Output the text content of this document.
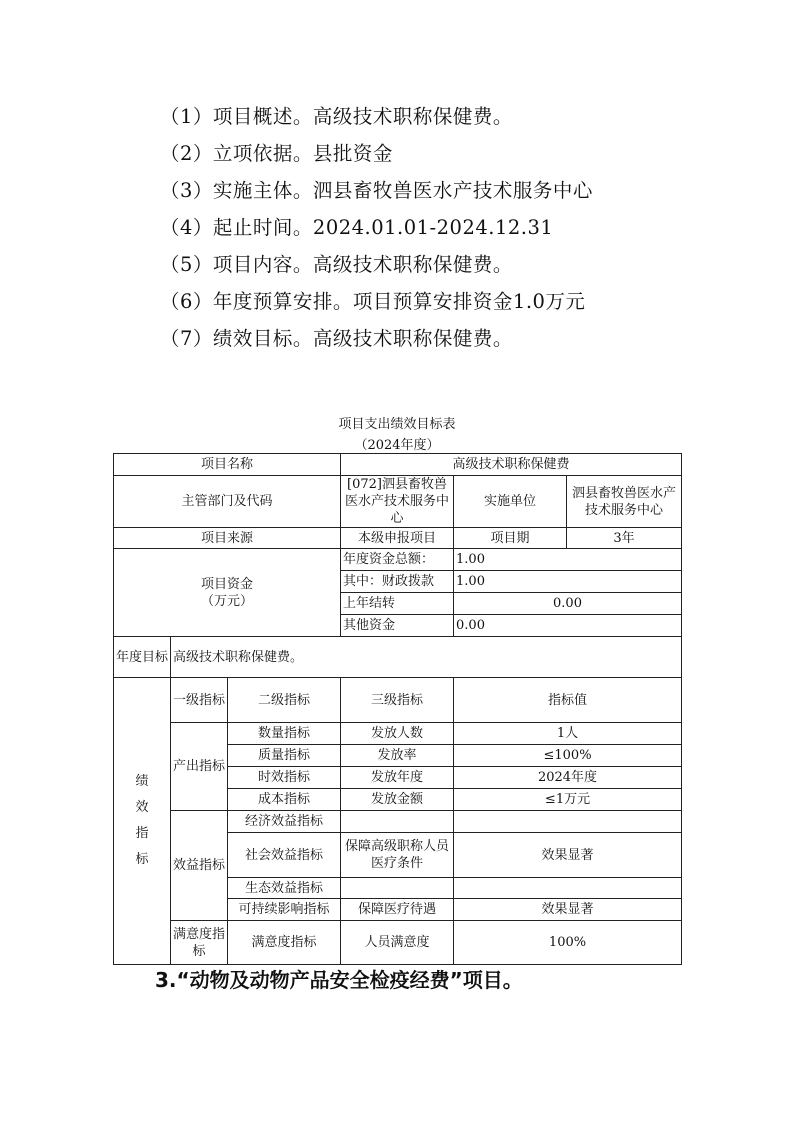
（1）项目概述。高级技术职称保健费。
（2）立项依据。县批资金
（3）实施主体。泗县畜牧兽医水产技术服务中心
（4）起止时间。2024.01.01-2024.12.31
（5）项目内容。高级技术职称保健费。
（6）年度预算安排。项目预算安排资金1.0万元
（7）绩效目标。高级技术职称保健费。
项目支出绩效目标表
（2024年度）
项目名称			高级技术职称保健费		
主管部门及代码			[072]泗县畜牧兽医水产技术服务中心	实施单位	泗县畜牧兽医水产技术服务中心
项目来源			本级申报项目	项目期	3年

项目资金
（万元）			年度资金总额：	1.00	
			其中：财政拨款	1.00	
			上年结转	0.00	
			其他资金	0.00	
年度目标	高级技术职称保健费。				

绩效指标	一级指标	二级指标	三级指标	指标值	
	产出指标	数量指标	发放人数	1人	
		质量指标	发放率	≤100%	
		时效指标	发放年度	2024年度	
		成本指标	发放金额	≤1万元	
	效益指标	经济效益指标			
		社会效益指标	保障高级职称人员医疗条件	效果显著	
		生态效益指标			
		可持续影响指标	保障医疗待遇	效果显著	
	满意度指标	满意度指标	人员满意度	100%	
3.“动物及动物产品安全检疫经费”项目。
